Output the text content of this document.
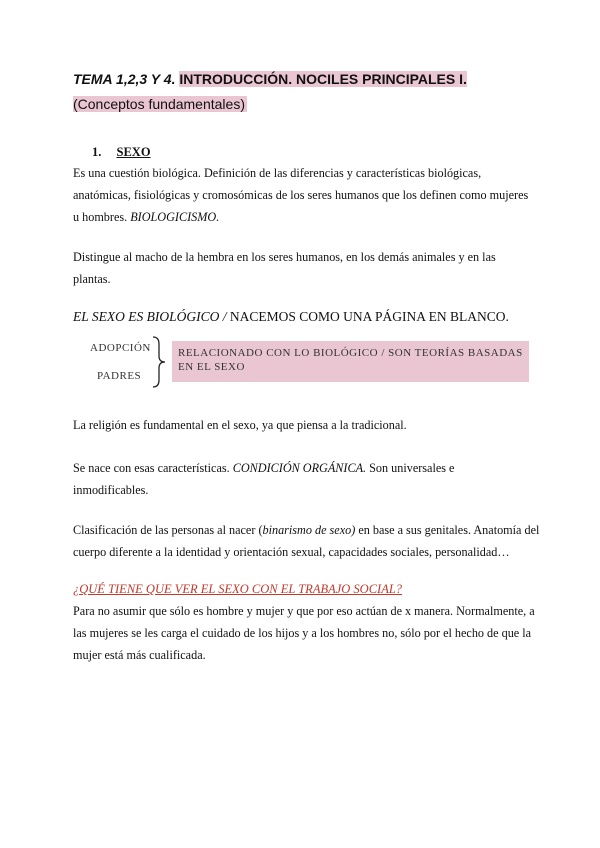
TEMA 1,2,3 Y 4. INTRODUCCIÓN. NOCILES PRINCIPALES I.
(Conceptos fundamentales)
1. SEXO

Es una cuestión biológica. Definición de las diferencias y características biológicas, anatómicas, fisiológicas y cromosómicas de los seres humanos que los definen como mujeres u hombres. BIOLOGICISMO.

Distingue al macho de la hembra en los seres humanos, en los demás animales y en las plantas.

EL SEXO ES BIOLÓGICO / NACEMOS COMO UNA PÁGINA EN BLANCO.

ADOPCIÓN
PADRES
RELACIONADO CON LO BIOLÓGICO / SON TEORÍAS BASADAS EN EL SEXO

La religión es fundamental en el sexo, ya que piensa a la tradicional.

Se nace con esas características. CONDICIÓN ORGÁNICA. Son universales e inmodificables.

Clasificación de las personas al nacer (binarismo de sexo) en base a sus genitales. Anatomía del cuerpo diferente a la identidad y orientación sexual, capacidades sociales, personalidad…

¿QUÉ TIENE QUE VER EL SEXO CON EL TRABAJO SOCIAL?

Para no asumir que sólo es hombre y mujer y que por eso actúan de x manera. Normalmente, a las mujeres se les carga el cuidado de los hijos y a los hombres no, sólo por el hecho de que la mujer está más cualificada.
